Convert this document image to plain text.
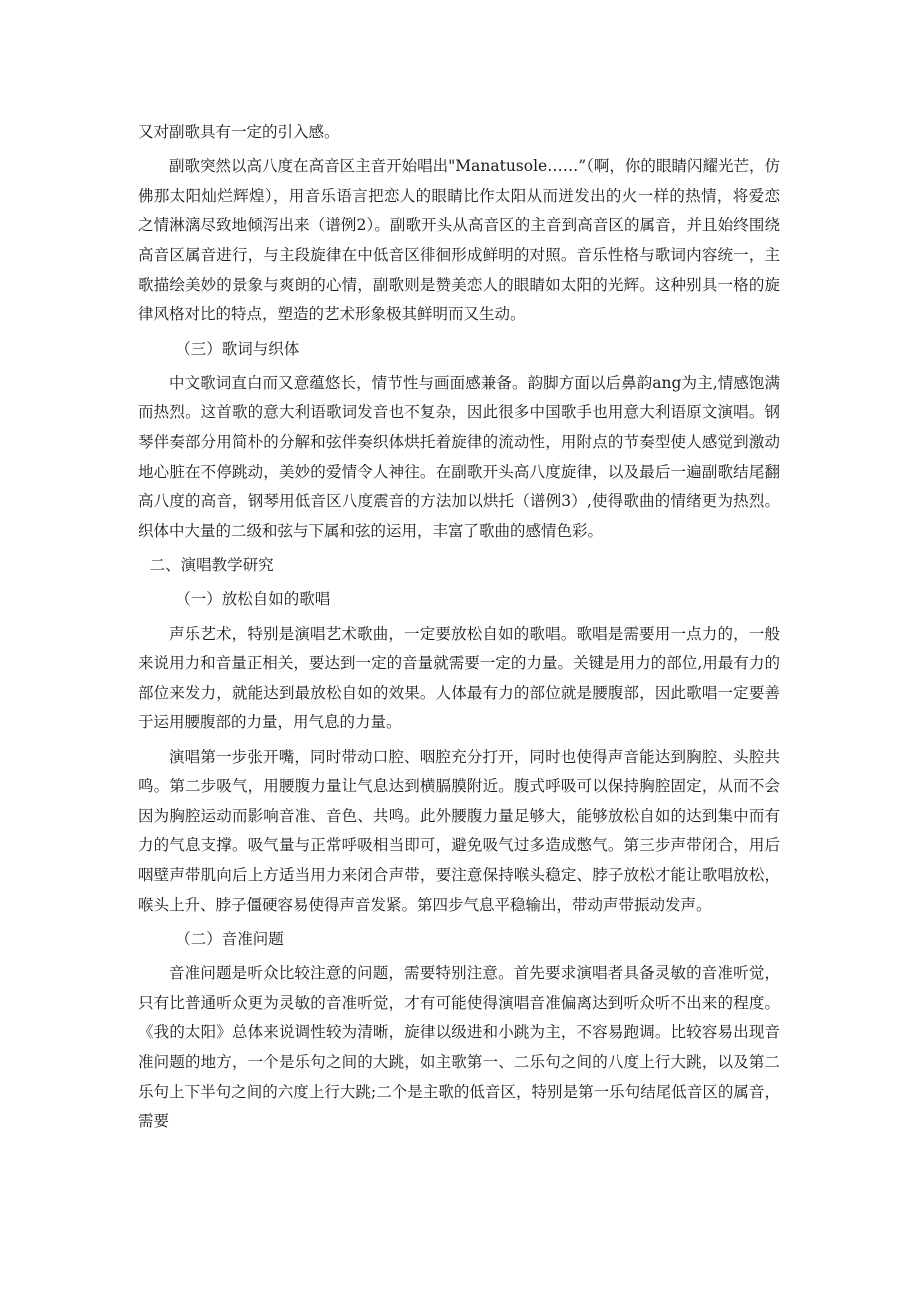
又对副歌具有一定的引入感。

副歌突然以高八度在高音区主音开始唱出"Manatusole……”（啊，你的眼睛闪耀光芒，仿佛那太阳灿烂辉煌），用音乐语言把恋人的眼睛比作太阳从而迸发出的火一样的热情，将爱恋之情淋漓尽致地倾泻出来（谱例2）。副歌开头从高音区的主音到高音区的属音，并且始终围绕高音区属音进行，与主段旋律在中低音区徘徊形成鲜明的对照。音乐性格与歌词内容统一，主歌描绘美妙的景象与爽朗的心情，副歌则是赞美恋人的眼睛如太阳的光辉。这种别具一格的旋律风格对比的特点，塑造的艺术形象极其鲜明而又生动。

（三）歌词与织体

中文歌词直白而又意蕴悠长，情节性与画面感兼备。韵脚方面以后鼻韵ang为主,情感饱满而热烈。这首歌的意大利语歌词发音也不复杂，因此很多中国歌手也用意大利语原文演唱。钢琴伴奏部分用简朴的分解和弦伴奏织体烘托着旋律的流动性，用附点的节奏型使人感觉到激动地心脏在不停跳动，美妙的爱情令人神往。在副歌开头高八度旋律，以及最后一遍副歌结尾翻高八度的高音，钢琴用低音区八度震音的方法加以烘托（谱例3）,使得歌曲的情绪更为热烈。织体中大量的二级和弦与下属和弦的运用，丰富了歌曲的感情色彩。

二、演唱教学研究

（一）放松自如的歌唱

声乐艺术，特别是演唱艺术歌曲，一定要放松自如的歌唱。歌唱是需要用一点力的，一般来说用力和音量正相关，要达到一定的音量就需要一定的力量。关键是用力的部位,用最有力的部位来发力，就能达到最放松自如的效果。人体最有力的部位就是腰腹部，因此歌唱一定要善于运用腰腹部的力量，用气息的力量。

演唱第一步张开嘴，同时带动口腔、咽腔充分打开，同时也使得声音能达到胸腔、头腔共鸣。第二步吸气，用腰腹力量让气息达到横膈膜附近。腹式呼吸可以保持胸腔固定，从而不会因为胸腔运动而影响音准、音色、共鸣。此外腰腹力量足够大，能够放松自如的达到集中而有力的气息支撑。吸气量与正常呼吸相当即可，避免吸气过多造成憋气。第三步声带闭合，用后咽壁声带肌向后上方适当用力来闭合声带，要注意保持喉头稳定、脖子放松才能让歌唱放松，喉头上升、脖子僵硬容易使得声音发紧。第四步气息平稳输出，带动声带振动发声。

（二）音准问题

音准问题是听众比较注意的问题，需要特别注意。首先要求演唱者具备灵敏的音准听觉，只有比普通听众更为灵敏的音准听觉，才有可能使得演唱音准偏离达到听众听不出来的程度。《我的太阳》总体来说调性较为清晰，旋律以级进和小跳为主，不容易跑调。比较容易出现音准问题的地方，一个是乐句之间的大跳，如主歌第一、二乐句之间的八度上行大跳，以及第二乐句上下半句之间的六度上行大跳;二个是主歌的低音区，特别是第一乐句结尾低音区的属音，需要
